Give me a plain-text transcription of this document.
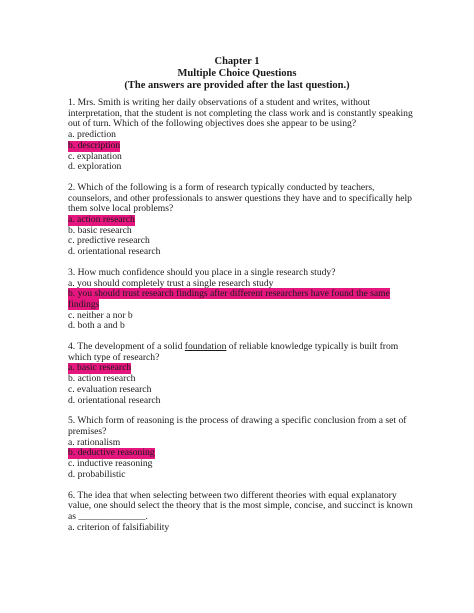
Chapter 1
Multiple Choice Questions
(The answers are provided after the last question.)

1. Mrs. Smith is writing her daily observations of a student and writes, without interpretation, that the student is not completing the class work and is constantly speaking out of turn. Which of the following objectives does she appear to be using?

a. prediction
b. description
c. explanation
d. exploration

2. Which of the following is a form of research typically conducted by teachers, counselors, and other professionals to answer questions they have and to specifically help them solve local problems?

a. action research
b. basic research
c. predictive research
d. orientational research

3. How much confidence should you place in a single research study?

a. you should completely trust a single research study
b. you should trust research findings after different researchers have found the same findings
c. neither a nor b
d. both a and b

4. The development of a solid foundation of reliable knowledge typically is built from which type of research?

a. basic research
b. action research
c. evaluation research
d. orientational research

5. Which form of reasoning is the process of drawing a specific conclusion from a set of premises?

a. rationalism
b. deductive reasoning
c. inductive reasoning
d. probabilistic

6. The idea that when selecting between two different theories with equal explanatory value, one should select the theory that is the most simple, concise, and succinct is known as ______________.

a. criterion of falsifiability
